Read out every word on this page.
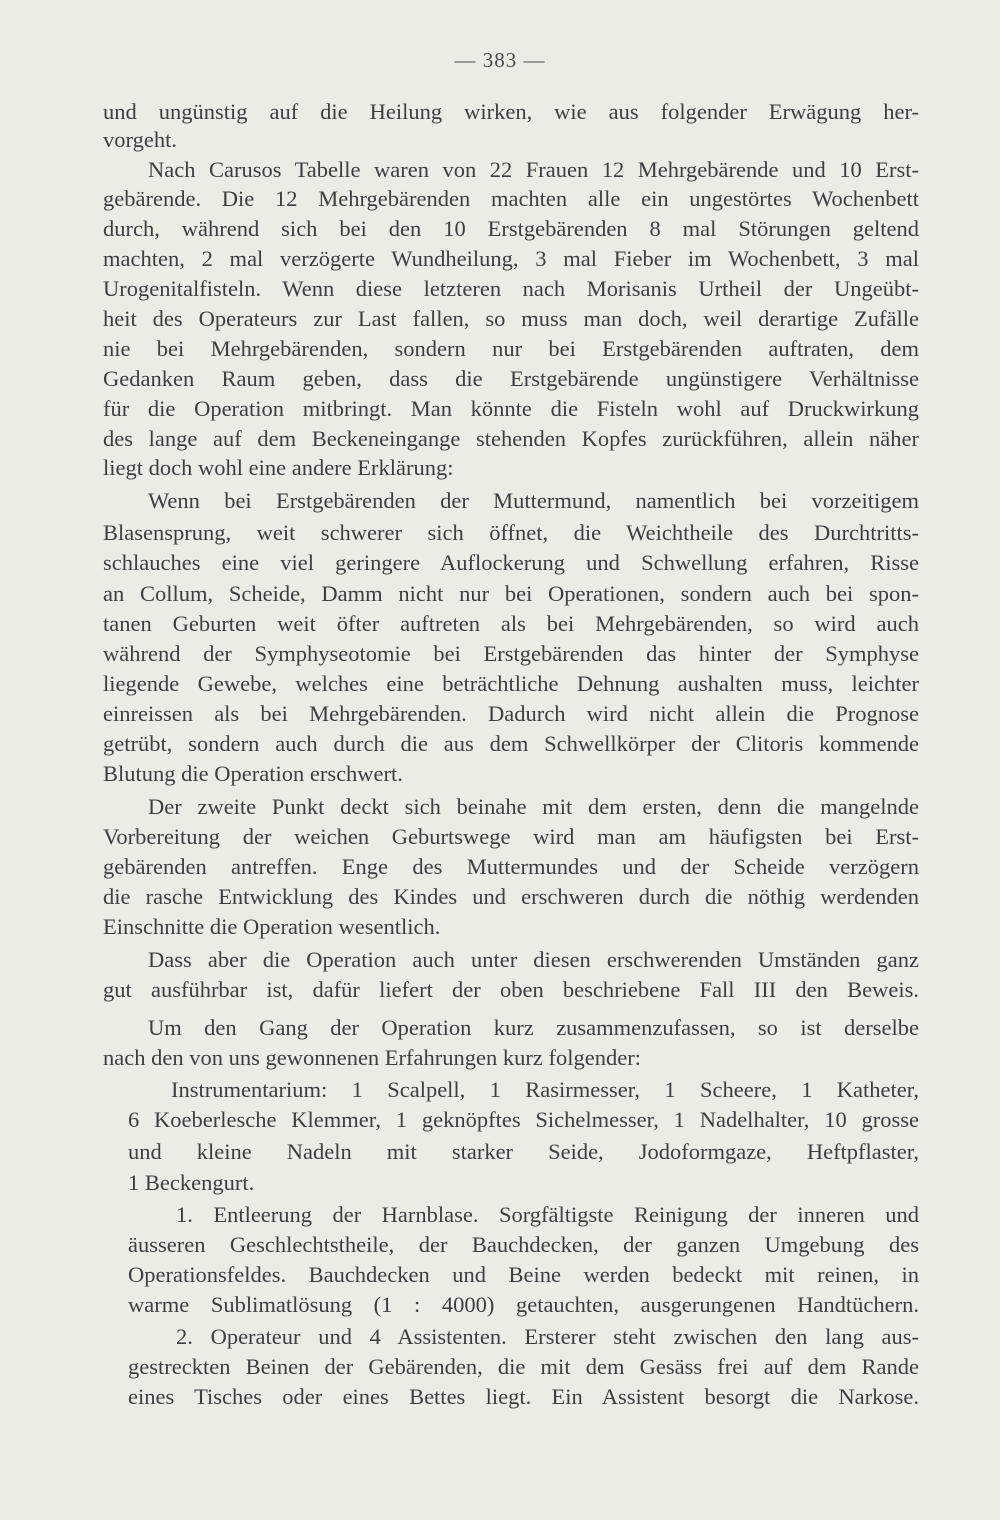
— 383 —
und ungünstig auf die Heilung wirken, wie aus folgender Erwägung her-
vorgeht.
Nach Carusos Tabelle waren von 22 Frauen 12 Mehrgebärende und 10 Erst-
gebärende. Die 12 Mehrgebärenden machten alle ein ungestörtes Wochenbett
durch, während sich bei den 10 Erstgebärenden 8 mal Störungen geltend
machten, 2 mal verzögerte Wundheilung, 3 mal Fieber im Wochenbett, 3 mal
Urogenitalfisteln. Wenn diese letzteren nach Morisanis Urtheil der Ungeübt-
heit des Operateurs zur Last fallen, so muss man doch, weil derartige Zufälle
nie bei Mehrgebärenden, sondern nur bei Erstgebärenden auftraten, dem
Gedanken Raum geben, dass die Erstgebärende ungünstigere Verhältnisse
für die Operation mitbringt. Man könnte die Fisteln wohl auf Druckwirkung
des lange auf dem Beckeneingange stehenden Kopfes zurückführen, allein näher
liegt doch wohl eine andere Erklärung:
Wenn bei Erstgebärenden der Muttermund, namentlich bei vorzeitigem
Blasensprung, weit schwerer sich öffnet, die Weichtheile des Durchtritts-
schlauches eine viel geringere Auflockerung und Schwellung erfahren, Risse
an Collum, Scheide, Damm nicht nur bei Operationen, sondern auch bei spon-
tanen Geburten weit öfter auftreten als bei Mehrgebärenden, so wird auch
während der Symphyseotomie bei Erstgebärenden das hinter der Symphyse
liegende Gewebe, welches eine beträchtliche Dehnung aushalten muss, leichter
einreissen als bei Mehrgebärenden. Dadurch wird nicht allein die Prognose
getrübt, sondern auch durch die aus dem Schwellkörper der Clitoris kommende
Blutung die Operation erschwert.
Der zweite Punkt deckt sich beinahe mit dem ersten, denn die mangelnde
Vorbereitung der weichen Geburtswege wird man am häufigsten bei Erst-
gebärenden antreffen. Enge des Muttermundes und der Scheide verzögern
die rasche Entwicklung des Kindes und erschweren durch die nöthig werdenden
Einschnitte die Operation wesentlich.
Dass aber die Operation auch unter diesen erschwerenden Umständen ganz
gut ausführbar ist, dafür liefert der oben beschriebene Fall III den Beweis.
Um den Gang der Operation kurz zusammenzufassen, so ist derselbe
nach den von uns gewonnenen Erfahrungen kurz folgender:
Instrumentarium: 1 Scalpell, 1 Rasirmesser, 1 Scheere, 1 Katheter,
6 Koeberlesche Klemmer, 1 geknöpftes Sichelmesser, 1 Nadelhalter, 10 grosse
und kleine Nadeln mit starker Seide, Jodoformgaze, Heftpflaster,
1 Beckengurt.
1. Entleerung der Harnblase. Sorgfältigste Reinigung der inneren und
äusseren Geschlechtstheile, der Bauchdecken, der ganzen Umgebung des
Operationsfeldes. Bauchdecken und Beine werden bedeckt mit reinen, in
warme Sublimatlösung (1 : 4000) getauchten, ausgerungenen Handtüchern.
2. Operateur und 4 Assistenten. Ersterer steht zwischen den lang aus-
gestreckten Beinen der Gebärenden, die mit dem Gesäss frei auf dem Rande
eines Tisches oder eines Bettes liegt. Ein Assistent besorgt die Narkose.
